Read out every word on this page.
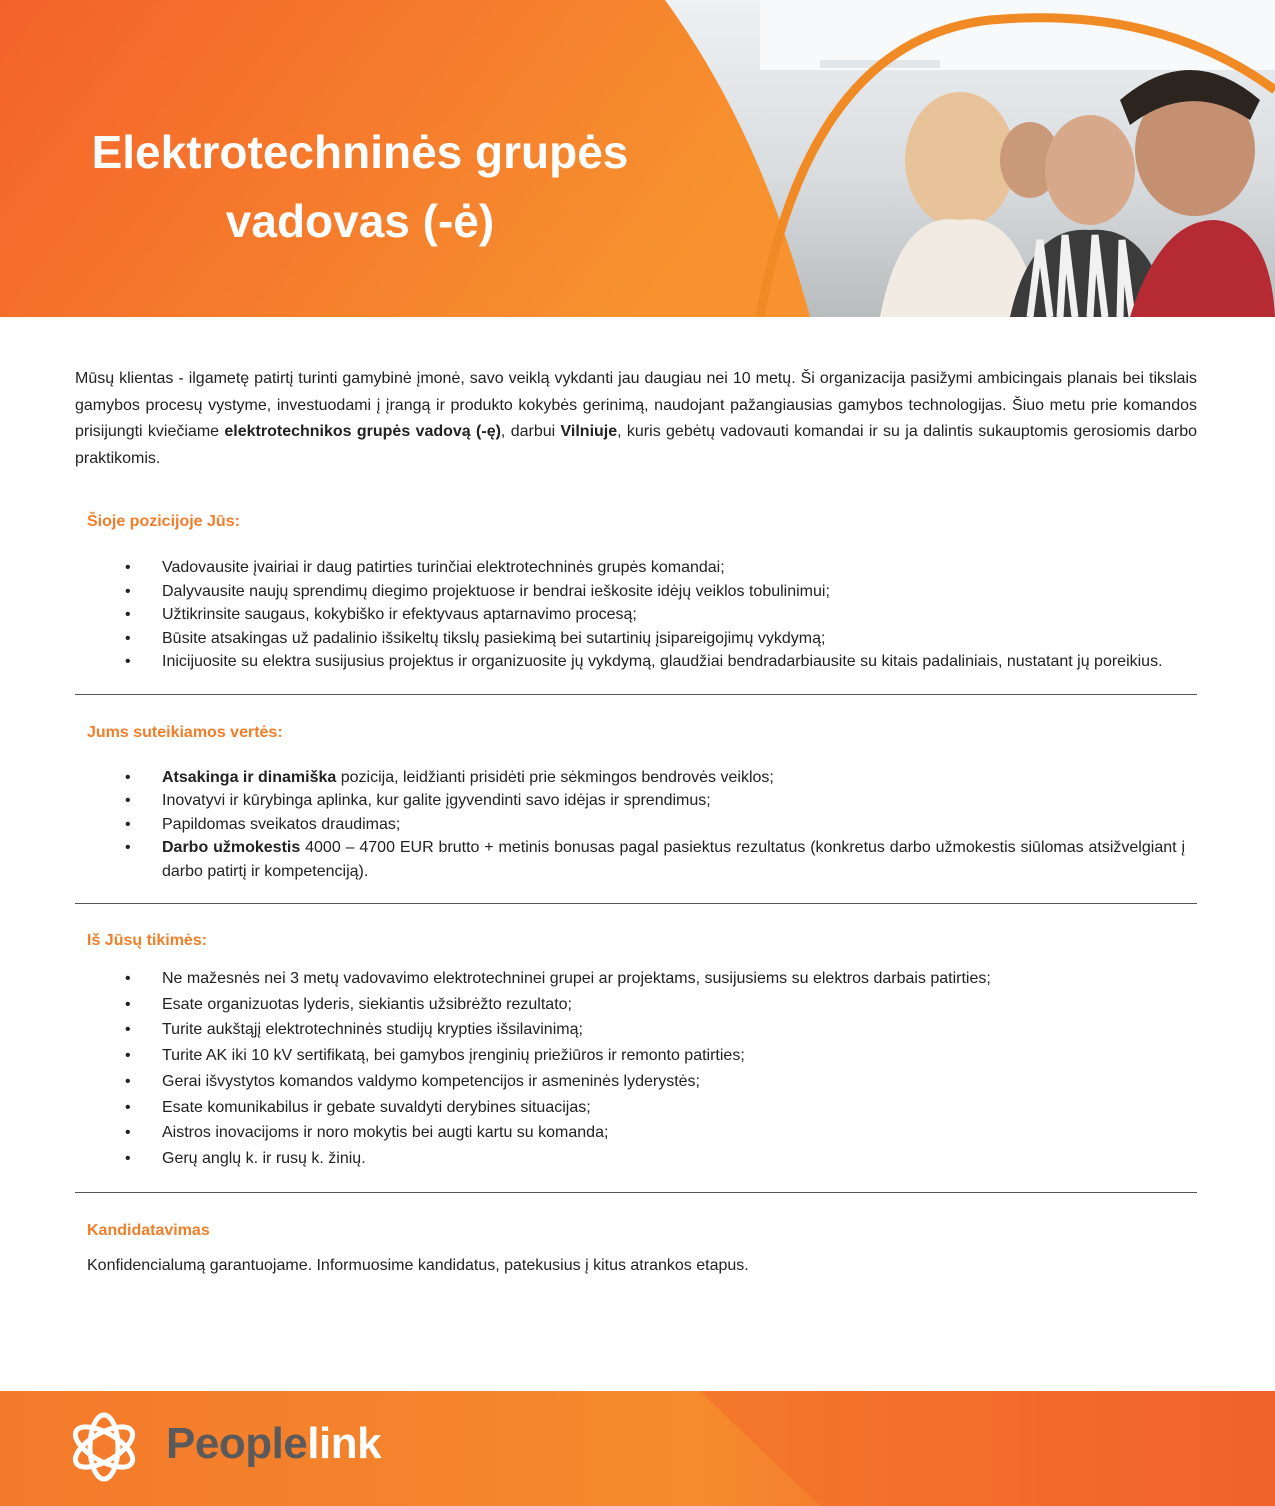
Elektrotechninės grupės
vadovas (-ė)

Mūsų klientas - ilgametę patirtį turinti gamybinė įmonė, savo veiklą vykdanti jau daugiau nei 10 metų. Ši organizacija pasižymi ambicingais planais bei tikslais gamybos procesų vystyme, investuodami į įrangą ir produkto kokybės gerinimą, naudojant pažangiausias gamybos technologijas. Šiuo metu prie komandos prisijungti kviečiame elektrotechnikos grupės vadovą (-ę), darbui Vilniuje, kuris gebėtų vadovauti komandai ir su ja dalintis sukauptomis gerosiomis darbo praktikomis.

Šioje pozicijoje Jūs:
• Vadovausite įvairiai ir daug patirties turinčiai elektrotechninės grupės komandai;
• Dalyvausite naujų sprendimų diegimo projektuose ir bendrai ieškosite idėjų veiklos tobulinimui;
• Užtikrinsite saugaus, kokybiško ir efektyvaus aptarnavimo procesą;
• Būsite atsakingas už padalinio išsikeltų tikslų pasiekimą bei sutartinių įsipareigojimų vykdymą;
• Inicijuosite su elektra susijusius projektus ir organizuosite jų vykdymą, glaudžiai bendradarbiausite su kitais padaliniais, nustatant jų poreikius.
Jums suteikiamos vertės:
• Atsakinga ir dinamiška pozicija, leidžianti prisidėti prie sėkmingos bendrovės veiklos;
• Inovatyvi ir kūrybinga aplinka, kur galite įgyvendinti savo idėjas ir sprendimus;
• Papildomas sveikatos draudimas;
• Darbo užmokestis 4000 – 4700 EUR brutto + metinis bonusas pagal pasiektus rezultatus (konkretus darbo užmokestis siūlomas atsižvelgiant į darbo patirtį ir kompetenciją).
Iš Jūsų tikimės:
• Ne mažesnės nei 3 metų vadovavimo elektrotechninei grupei ar projektams, susijusiems su elektros darbais patirties;
• Esate organizuotas lyderis, siekiantis užsibrėžto rezultato;
• Turite aukštąjį elektrotechninės studijų krypties išsilavinimą;
• Turite AK iki 10 kV sertifikatą, bei gamybos įrenginių priežiūros ir remonto patirties;
• Gerai išvystytos komandos valdymo kompetencijos ir asmeninės lyderystės;
• Esate komunikabilus ir gebate suvaldyti derybines situacijas;
• Aistros inovacijoms ir noro mokytis bei augti kartu su komanda;
• Gerų anglų k. ir rusų k. žinių.
Kandidatavimas

Konfidencialumą garantuojame. Informuosime kandidatus, patekusius į kitus atrankos etapus.

Peoplelink
